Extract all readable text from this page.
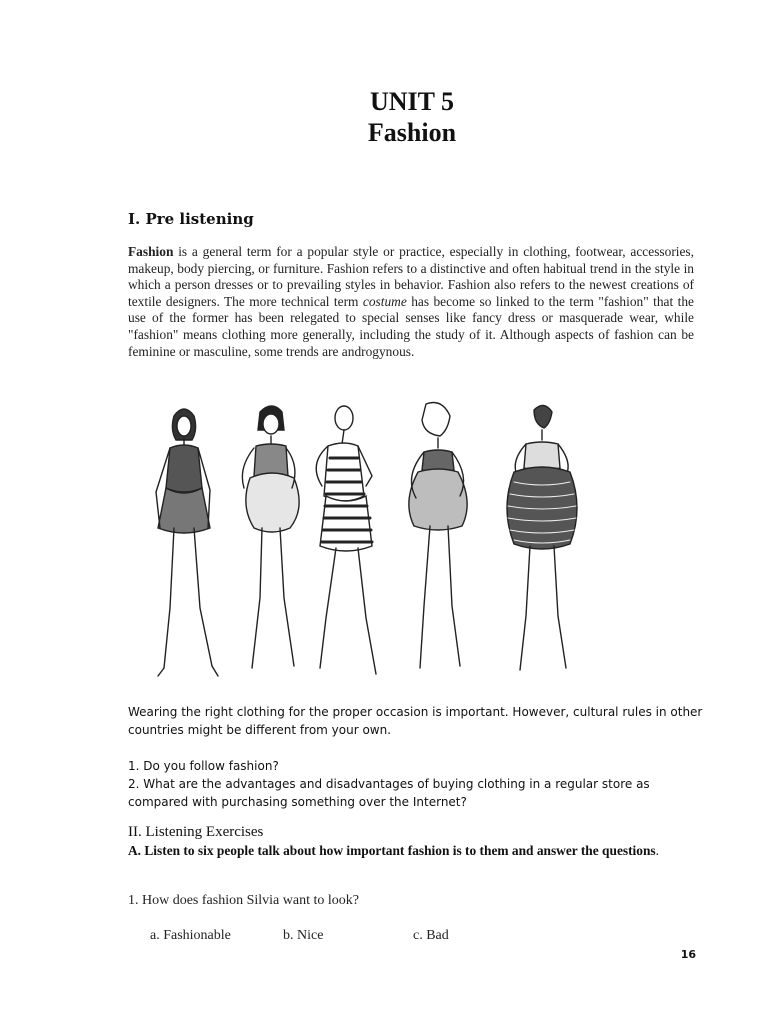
UNIT 5
Fashion
I. Pre listening
Fashion is a general term for a popular style or practice, especially in clothing, footwear, accessories, makeup, body piercing, or furniture. Fashion refers to a distinctive and often habitual trend in the style in which a person dresses or to prevailing styles in behavior. Fashion also refers to the newest creations of textile designers. The more technical term costume has become so linked to the term "fashion" that the use of the former has been relegated to special senses like fancy dress or masquerade wear, while "fashion" means clothing more generally, including the study of it. Although aspects of fashion can be feminine or masculine, some trends are androgynous.
Wearing the right clothing for the proper occasion is important. However, cultural rules in other countries might be different from your own.
1. Do you follow fashion?
2. What are the advantages and disadvantages of buying clothing in a regular store as compared with purchasing something over the Internet?
II. Listening Exercises
A. Listen to six people talk about how important fashion is to them and answer the questions.
1. How does fashion Silvia want to look?
a. Fashionable	b. Nice	c. Bad
16
